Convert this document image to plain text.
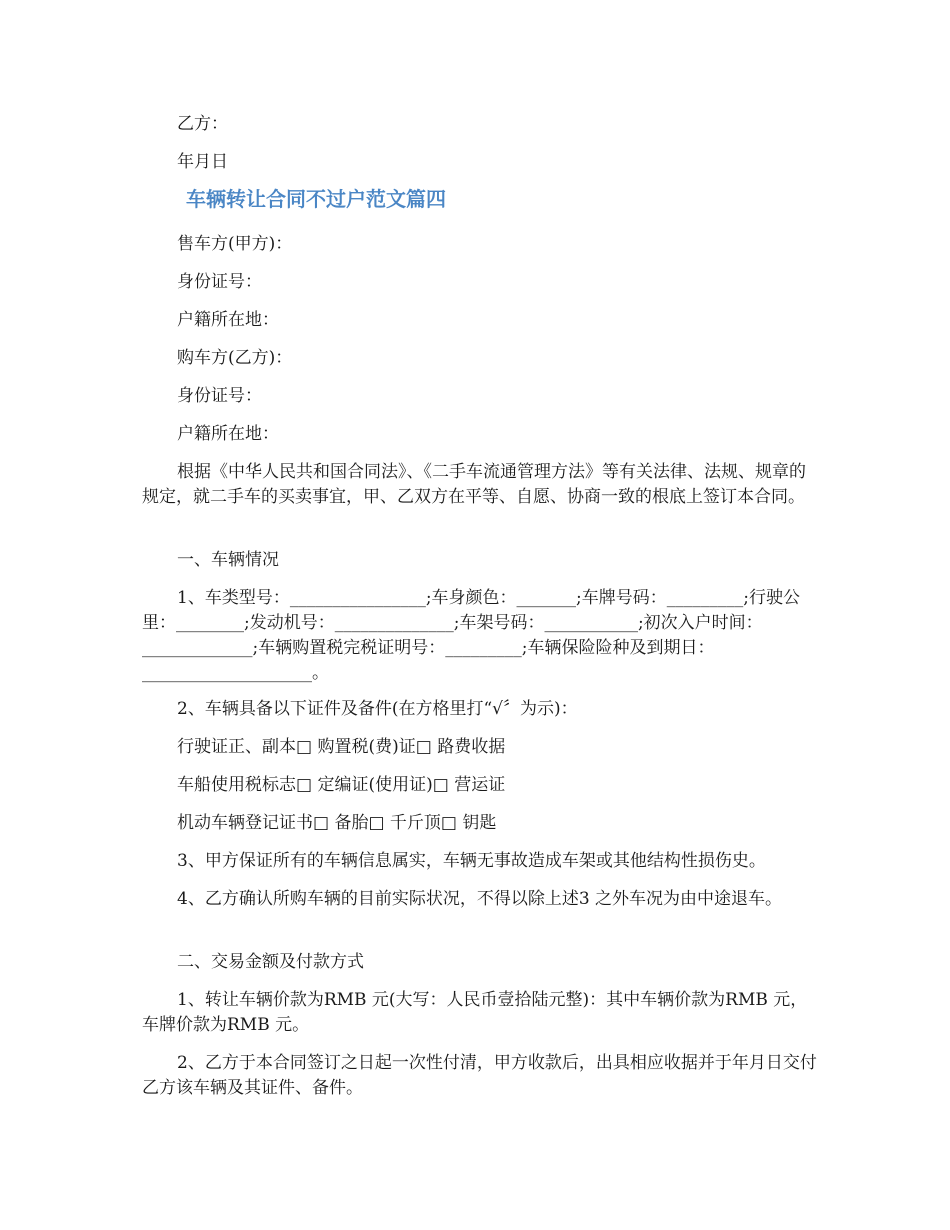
乙方：

年月日

车辆转让合同不过户范文篇四

售车方(甲方)：

身份证号：

户籍所在地：

购车方(乙方)：

身份证号：

户籍所在地：

根据《中华人民共和国合同法》、《二手车流通管理方法》等有关法律、法规、规章的规定，就二手车的买卖事宜，甲、乙双方在平等、自愿、协商一致的根底上签订本合同。

一、车辆情况

1、车类型号：________________;车身颜色：_______;车牌号码：_________;行驶公里：________;发动机号：______________;车架号码：___________;初次入户时间：_____________;车辆购置税完税证明号：_________;车辆保险险种及到期日：____________________。

2、车辆具备以下证件及备件(在方格里打“√〞为示)：

行驶证正、副本□ 购置税(费)证□ 路费收据

车船使用税标志□ 定编证(使用证)□ 营运证

机动车辆登记证书□ 备胎□ 千斤顶□ 钥匙

3、甲方保证所有的车辆信息属实，车辆无事故造成车架或其他结构性损伤史。

4、乙方确认所购车辆的目前实际状况，不得以除上述3 之外车况为由中途退车。

二、交易金额及付款方式

1、转让车辆价款为RMB 元(大写：人民币壹拾陆元整)：其中车辆价款为RMB 元，车牌价款为RMB 元。

2、乙方于本合同签订之日起一次性付清，甲方收款后，出具相应收据并于年月日交付乙方该车辆及其证件、备件。
